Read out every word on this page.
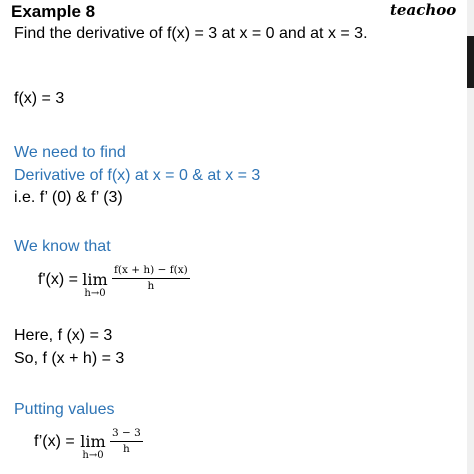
Example 8	teachoo
Find the derivative of f(x) = 3 at x = 0 and at x = 3.
f(x) = 3
We need to find
Derivative of f(x) at x = 0 & at x = 3
i.e. f’ (0) & f’ (3)
We know that
f'(x) = lim
h→0
f(x + h) − f(x)
h
Here, f (x) = 3
So, f (x + h) = 3
Putting values
f’(x) = lim
h→0
3 − 3
h
